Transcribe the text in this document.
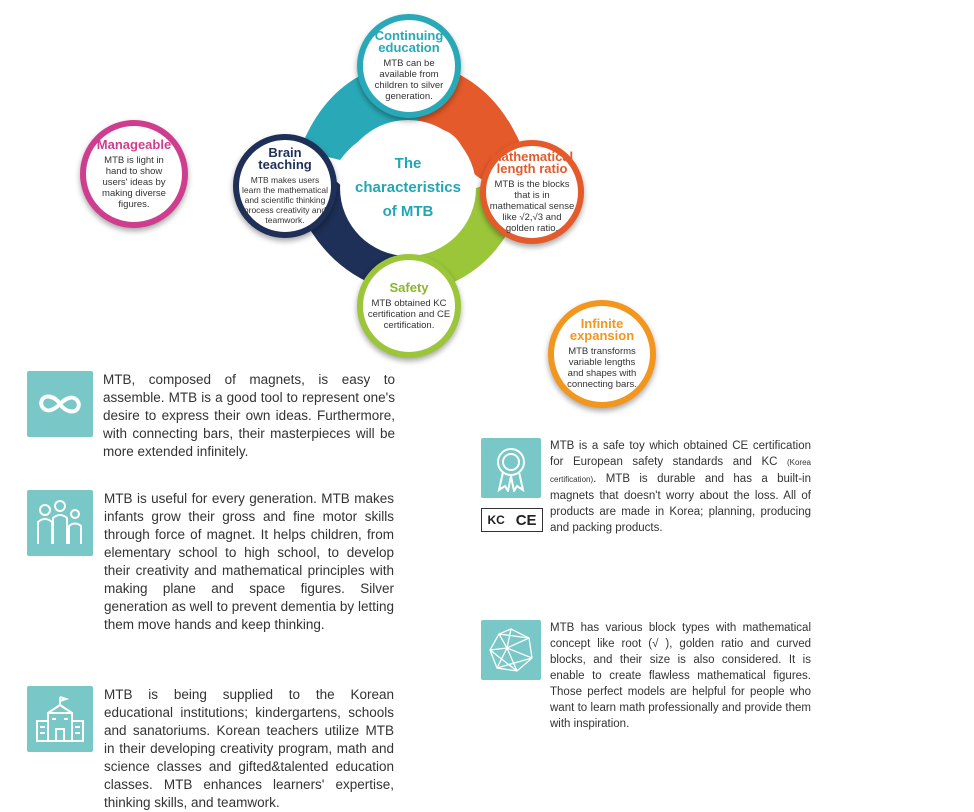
The characteristics of MTB
Continuing education
MTB can be available from children to silver generation.
Mathematical length ratio
MTB is the blocks that is in mathematical sense like √2,√3 and golden ratio.
Brain teaching
MTB makes users learn the mathematical and scientific thinking process creativity and teamwork.
Safety
MTB obtained KC certification and CE certification.
Manageable
MTB is light in hand to show users' ideas by making diverse figures.
Infinite expansion
MTB transforms variable lengths and shapes with connecting bars.
MTB, composed of magnets, is easy to assemble. MTB is a good tool to represent one's desire to express their own ideas. Furthermore, with connecting bars, their masterpieces will be more extended infinitely.
MTB is useful for every generation. MTB makes infants grow their gross and fine motor skills through force of magnet. It helps children, from elementary school to high school, to develop their creativity and mathematical principles with making plane and space figures. Silver generation as well to prevent dementia by letting them move hands and keep thinking.
MTB is being supplied to the Korean educational institutions; kindergartens, schools and sanatoriums. Korean teachers utilize MTB in their developing creativity program, math and science classes and gifted&talented education classes. MTB enhances learners' expertise, thinking skills, and teamwork.
MTB is a safe toy which obtained CE certification for European safety standards and KC (Korea certification). MTB is durable and has a built-in magnets that doesn't worry about the loss. All of products are made in Korea; planning, producing and packing products.
KC CE
MTB has various block types with mathematical concept like root (√ ), golden ratio and curved blocks, and their size is also considered. It is enable to create flawless mathematical figures. Those perfect models are helpful for people who want to learn math professionally and provide them with inspiration.
